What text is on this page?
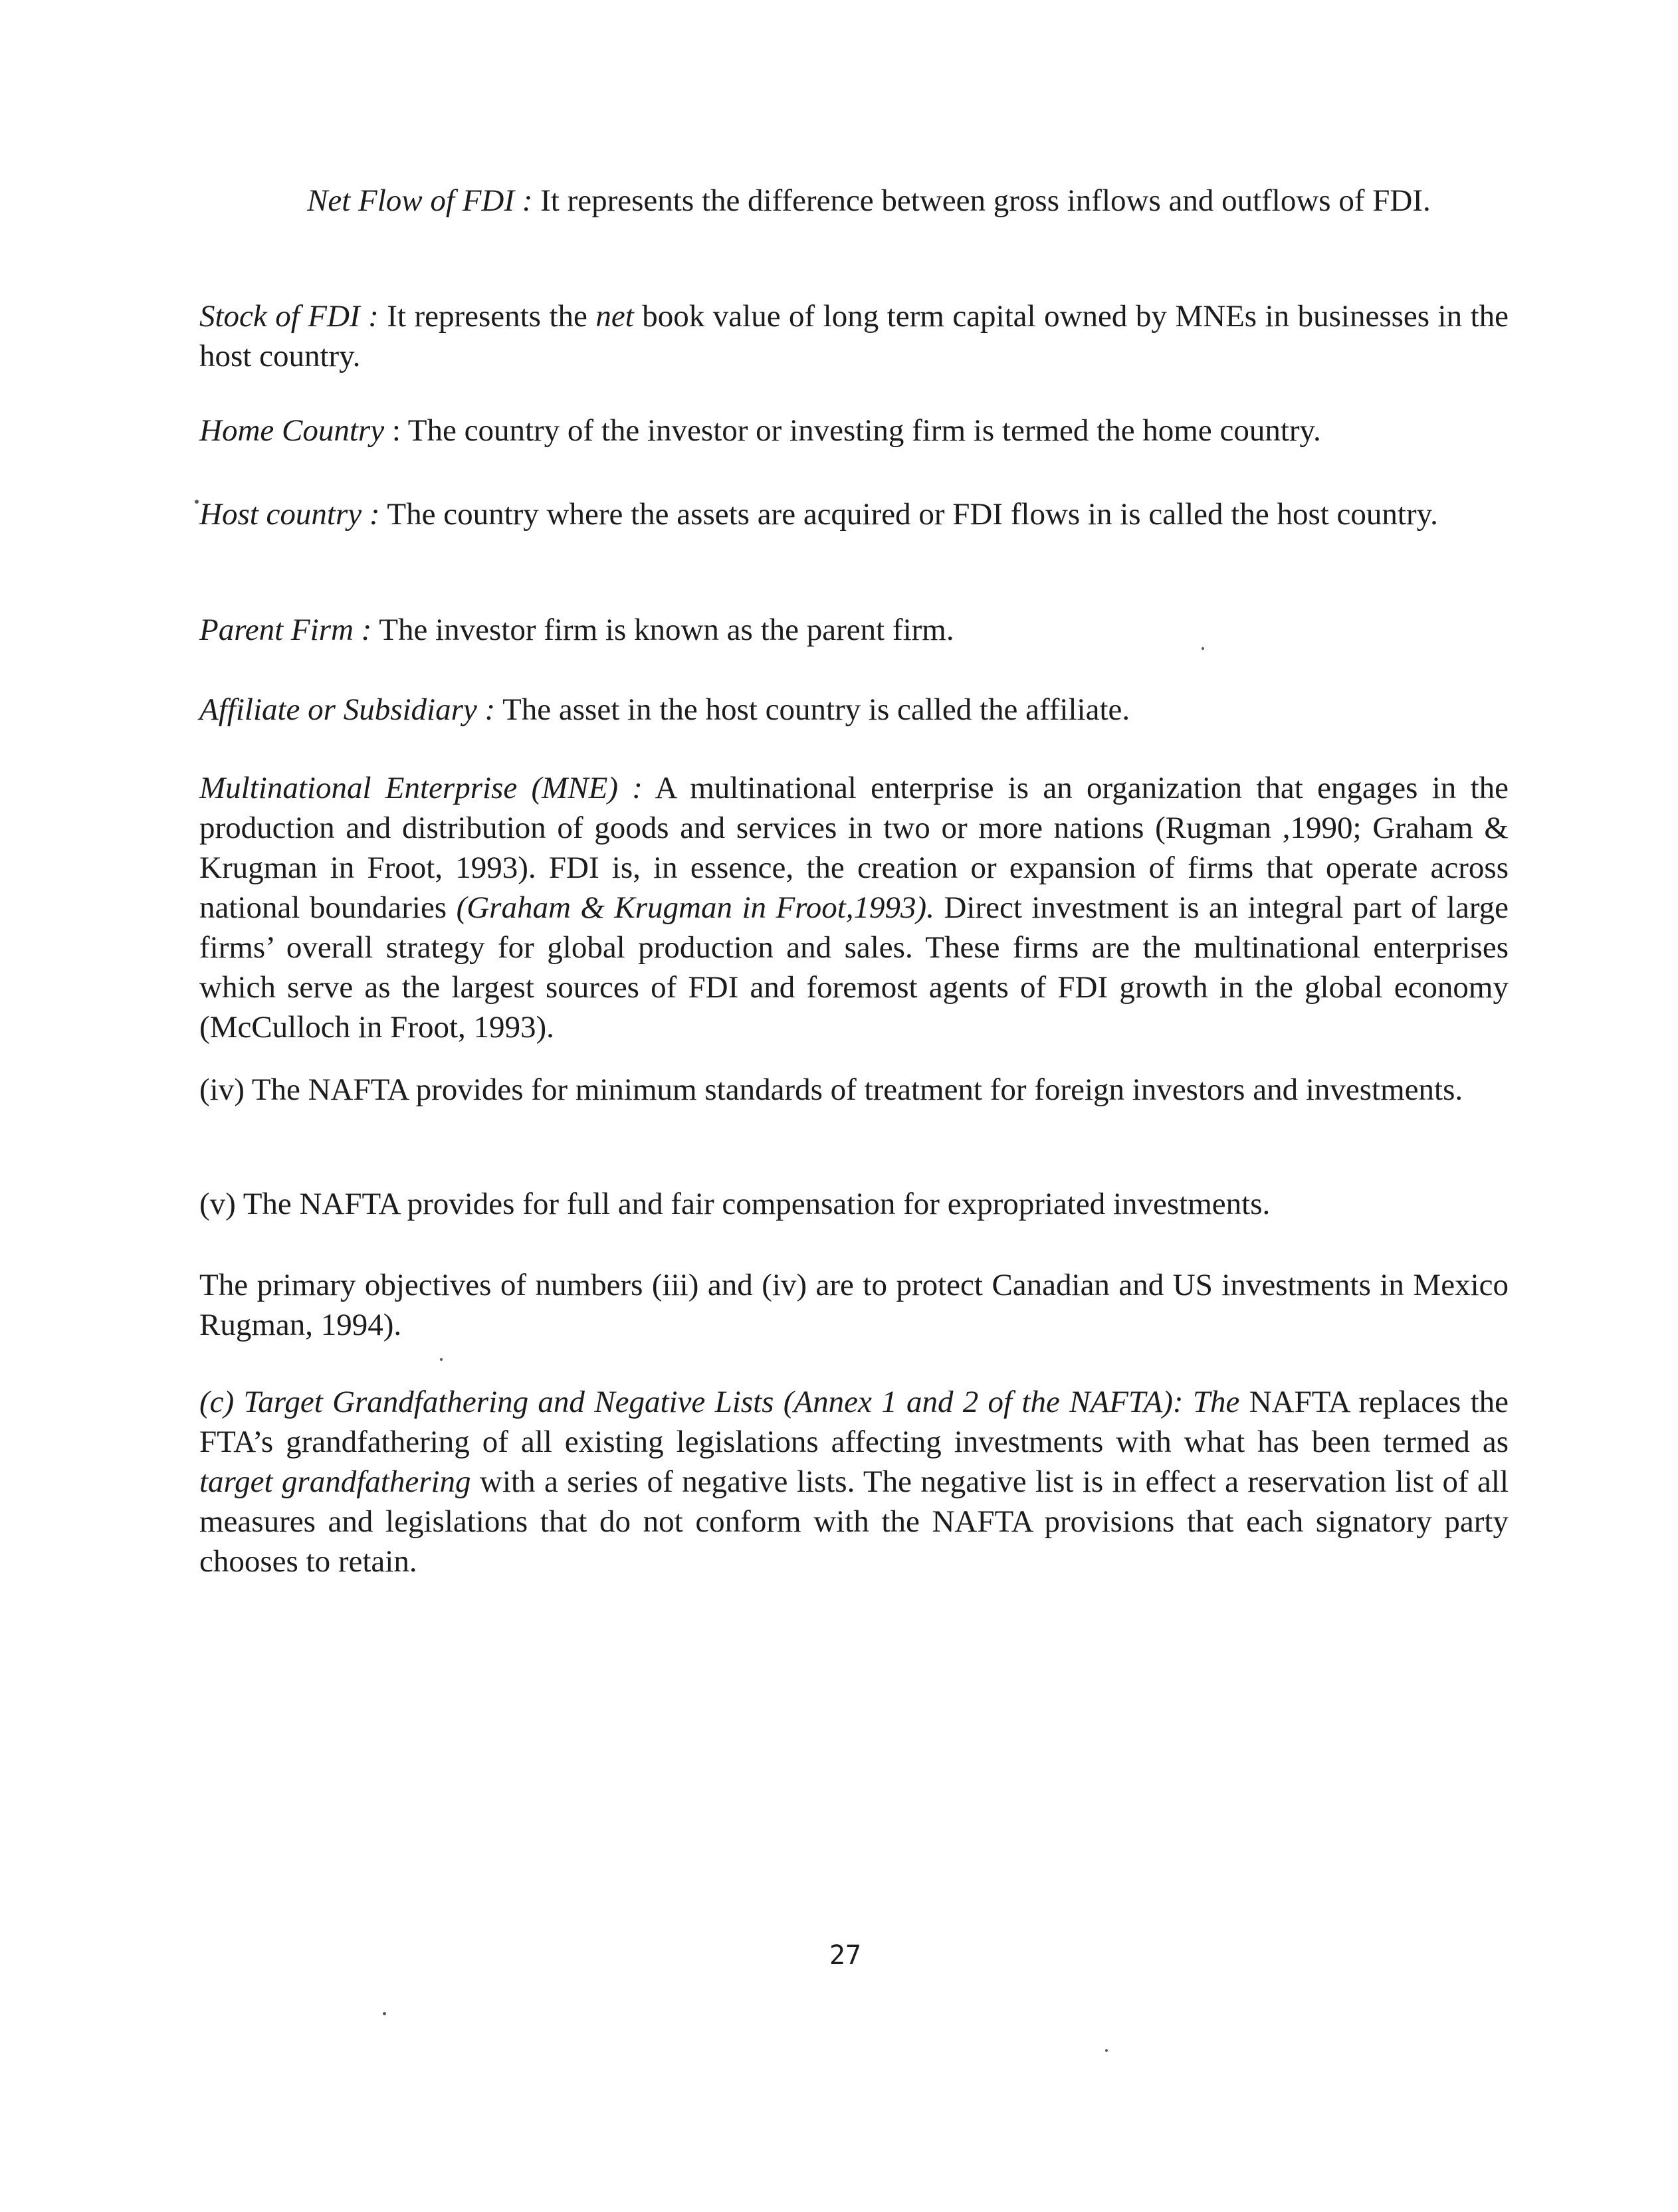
Net Flow of FDI : It represents the difference between gross inflows and outflows of FDI.

Stock of FDI : It represents the net book value of long term capital owned by MNEs in businesses in the host country.

Home Country : The country of the investor or investing firm is termed the home country.

Host country : The country where the assets are acquired or FDI flows in is called the host country.

Parent Firm : The investor firm is known as the parent firm.

Affiliate or Subsidiary : The asset in the host country is called the affiliate.

Multinational Enterprise (MNE) : A multinational enterprise is an organization that engages in the production and distribution of goods and services in two or more nations (Rugman ,1990; Graham & Krugman in Froot, 1993). FDI is, in essence, the creation or expansion of firms that operate across national boundaries (Graham & Krugman in Froot,1993). Direct investment is an integral part of large firms’ overall strategy for global production and sales. These firms are the multinational enterprises which serve as the largest sources of FDI and foremost agents of FDI growth in the global economy (McCulloch in Froot, 1993).

(iv) The NAFTA provides for minimum standards of treatment for foreign investors and investments.

(v) The NAFTA provides for full and fair compensation for expropriated investments.

The primary objectives of numbers (iii) and (iv) are to protect Canadian and US investments in Mexico Rugman, 1994).

(c) Target Grandfathering and Negative Lists (Annex 1 and 2 of the NAFTA): The NAFTA replaces the FTA’s grandfathering of all existing legislations affecting investments with what has been termed as target grandfathering with a series of negative lists. The negative list is in effect a reservation list of all measures and legislations that do not conform with the NAFTA provisions that each signatory party chooses to retain.

27
